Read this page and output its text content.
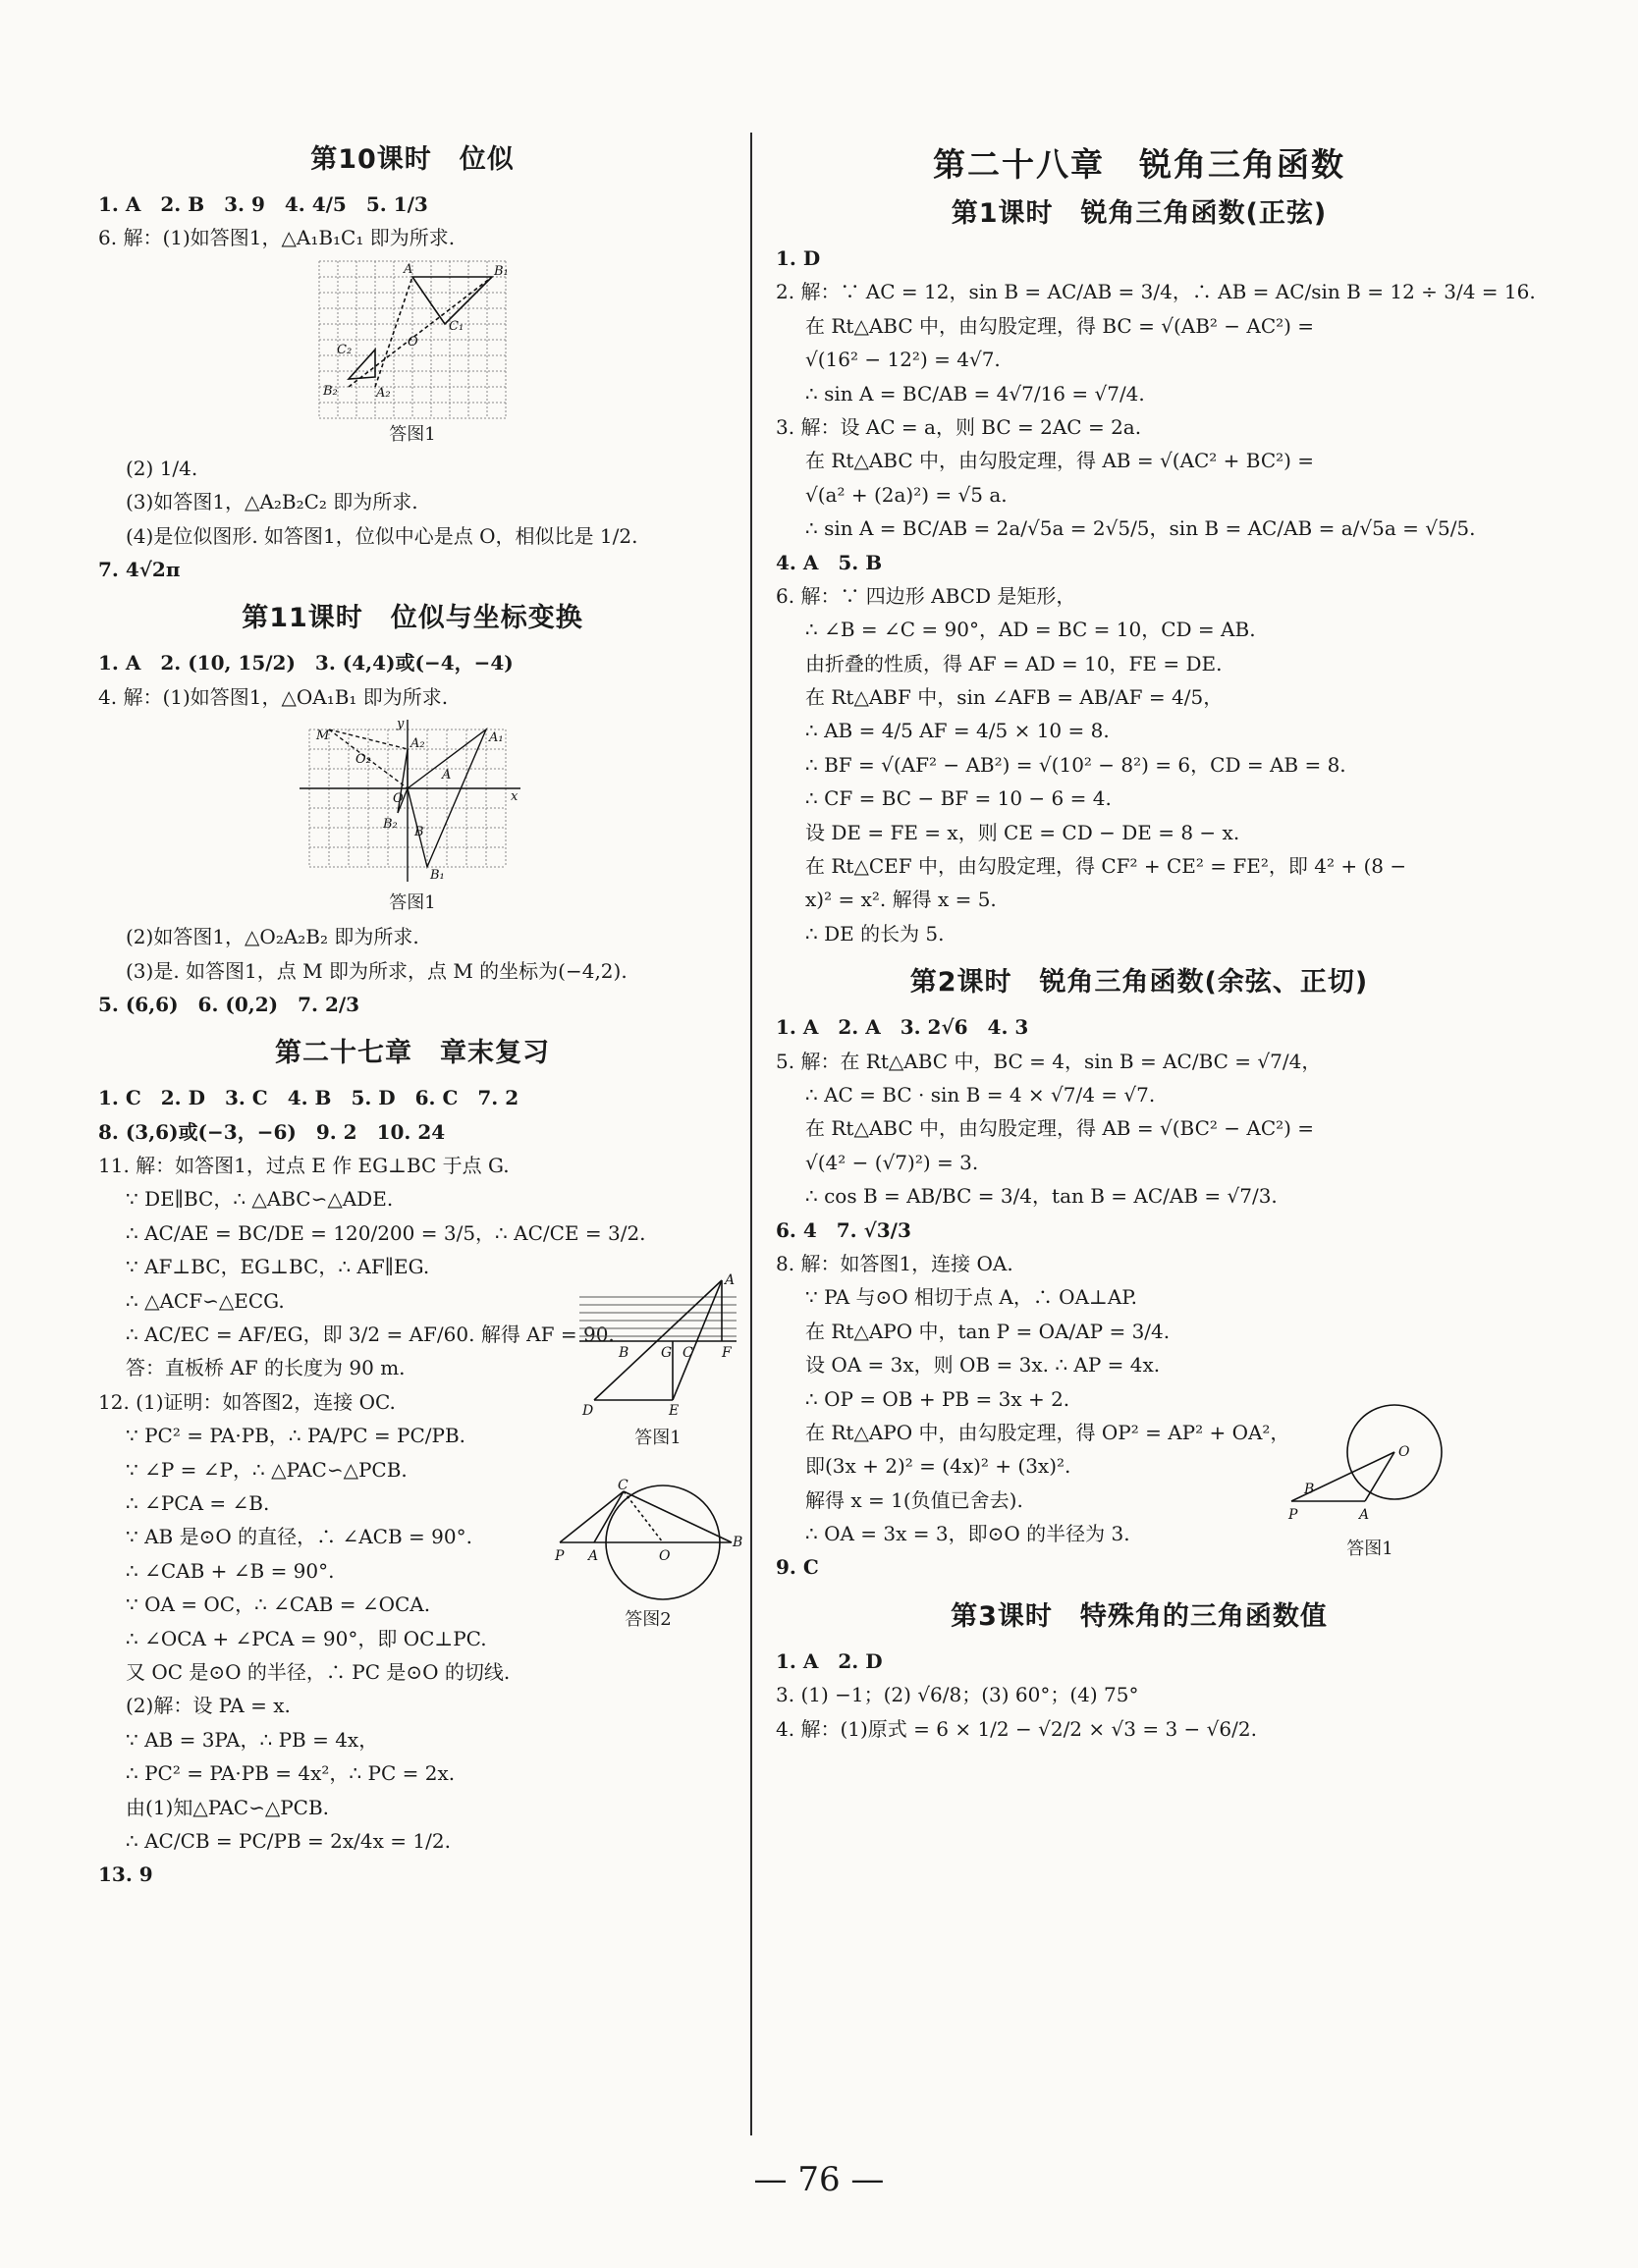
第10课时　位似
1. A　2. B　3. 9　4. 4/5　5. 1/3
6. 解：(1)如答图1，△A₁B₁C₁ 即为所求.
A	B₁
C₁
O
C₂
B₂	A₂
答图1
(2) 1/4.
(3)如答图1，△A₂B₂C₂ 即为所求.
(4)是位似图形. 如答图1，位似中心是点 O，相似比是 1/2.
7. 4√2π
第11课时　位似与坐标变换
1. A　2. (10, 15/2)　3. (4,4)或(−4，−4)
4. 解：(1)如答图1，△OA₁B₁ 即为所求.
M
O₂
A₂	A₁
A
O
B₂
B
B₁
x
y
答图1
(2)如答图1，△O₂A₂B₂ 即为所求.
(3)是. 如答图1，点 M 即为所求，点 M 的坐标为(−4,2).
5. (6,6)　6. (0,2)　7. 2/3
第二十七章　章末复习
1. C　2. D　3. C　4. B　5. D　6. C　7. 2
8. (3,6)或(−3，−6)　9. 2　10. 24
11. 解：如答图1，过点 E 作 EG⊥BC 于点 G.
∵ DE∥BC，∴ △ABC∽△ADE.
∴ AC/AE = BC/DE = 120/200 = 3/5，∴ AC/CE = 3/2.
∵ AF⊥BC，EG⊥BC，∴ AF∥EG.
∴ △ACF∽△ECG.
∴ AC/EC = AF/EG，即 3/2 = AF/60. 解得 AF = 90.
答：直板桥 AF 的长度为 90 m.
12. (1)证明：如答图2，连接 OC.
∵ PC² = PA·PB，∴ PA/PC = PC/PB.
∵ ∠P = ∠P，∴ △PAC∽△PCB.
∴ ∠PCA = ∠B.
∵ AB 是⊙O 的直径，∴ ∠ACB = 90°.
∴ ∠CAB + ∠B = 90°.
∵ OA = OC，∴ ∠CAB = ∠OCA.
∴ ∠OCA + ∠PCA = 90°，即 OC⊥PC.
又 OC 是⊙O 的半径，∴ PC 是⊙O 的切线.
(2)解：设 PA = x.
∵ AB = 3PA，∴ PB = 4x，
∴ PC² = PA·PB = 4x²，∴ PC = 2x.
由(1)知△PAC∽△PCB.
∴ AC/CB = PC/PB = 2x/4x = 1/2.
13. 9
A
B G C F
D	E
答图1
C
P A	O
B
答图2
第二十八章　锐角三角函数
第1课时　锐角三角函数(正弦)
1. D
2. 解：∵ AC = 12，sin B = AC/AB = 3/4，∴ AB = AC/sin B = 12 ÷ 3/4 = 16.
在 Rt△ABC 中，由勾股定理，得 BC = √(AB² − AC²) =
√(16² − 12²) = 4√7.
∴ sin A = BC/AB = 4√7/16 = √7/4.
3. 解：设 AC = a，则 BC = 2AC = 2a.
在 Rt△ABC 中，由勾股定理，得 AB = √(AC² + BC²) =
√(a² + (2a)²) = √5 a.
∴ sin A = BC/AB = 2a/√5a = 2√5/5，sin B = AC/AB = a/√5a = √5/5.
4. A　5. B
6. 解：∵ 四边形 ABCD 是矩形，
∴ ∠B = ∠C = 90°，AD = BC = 10，CD = AB.
由折叠的性质，得 AF = AD = 10，FE = DE.
在 Rt△ABF 中，sin ∠AFB = AB/AF = 4/5，
∴ AB = 4/5 AF = 4/5 × 10 = 8.
∴ BF = √(AF² − AB²) = √(10² − 8²) = 6，CD = AB = 8.
∴ CF = BC − BF = 10 − 6 = 4.
设 DE = FE = x，则 CE = CD − DE = 8 − x.
在 Rt△CEF 中，由勾股定理，得 CF² + CE² = FE²，即 4² + (8 −
x)² = x². 解得 x = 5.
∴ DE 的长为 5.
第2课时　锐角三角函数(余弦、正切)
1. A　2. A　3. 2√6　4. 3
5. 解：在 Rt△ABC 中，BC = 4，sin B = AC/BC = √7/4，
∴ AC = BC · sin B = 4 × √7/4 = √7.
在 Rt△ABC 中，由勾股定理，得 AB = √(BC² − AC²) =
√(4² − (√7)²) = 3.
∴ cos B = AB/BC = 3/4，tan B = AC/AB = √7/3.
6. 4　7. √3/3
8. 解：如答图1，连接 OA.
∵ PA 与⊙O 相切于点 A，∴ OA⊥AP.
在 Rt△APO 中，tan P = OA/AP = 3/4.
设 OA = 3x，则 OB = 3x. ∴ AP = 4x.
∴ OP = OB + PB = 3x + 2.
在 Rt△APO 中，由勾股定理，得 OP² = AP² + OA²，
即(3x + 2)² = (4x)² + (3x)².
解得 x = 1(负值已舍去).
∴ OA = 3x = 3，即⊙O 的半径为 3.
9. C
O
B
P	A
答图1
第3课时　特殊角的三角函数值
1. A　2. D
3. (1) −1；(2) √6/8；(3) 60°；(4) 75°
4. 解：(1)原式 = 6 × 1/2 − √2/2 × √3 = 3 − √6/2.
— 76 —
